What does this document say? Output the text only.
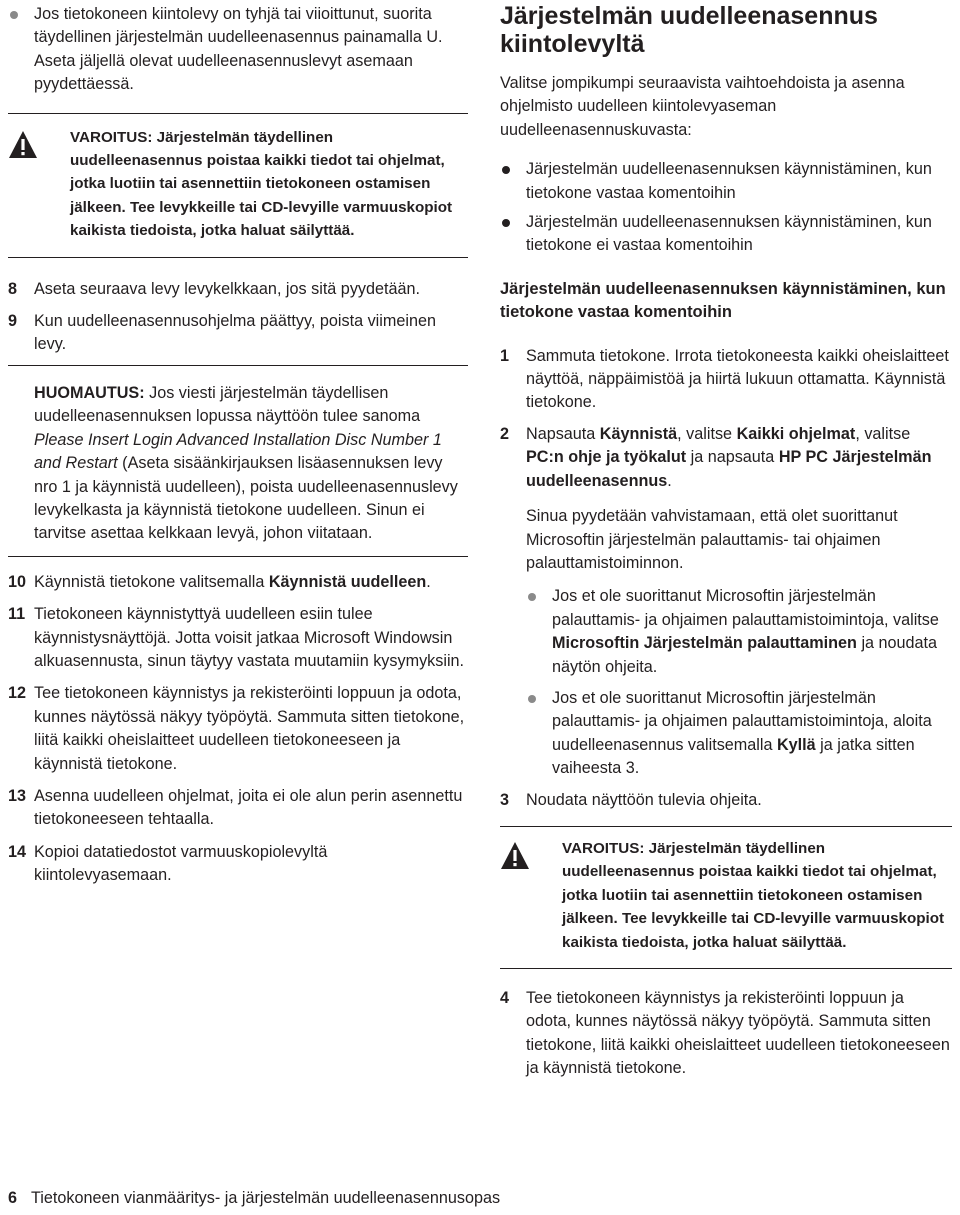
Jos tietokoneen kiintolevy on tyhjä tai viioittunut, suorita täydellinen järjestelmän uudelleenasennus painamalla U. Aseta jäljellä olevat uudelleenasennuslevyt asemaan pyydettäessä.

VAROITUS: Järjestelmän täydellinen uudelleenasennus poistaa kaikki tiedot tai ohjelmat, jotka luotiin tai asennettiin tietokoneen ostamisen jälkeen. Tee levykkeille tai CD-levyille varmuuskopiot kaikista tiedoista, jotka haluat säilyttää.

8 Aseta seuraava levy levykelkkaan, jos sitä pyydetään.
9 Kun uudelleenasennusohjelma päättyy, poista viimeinen levy.

HUOMAUTUS: Jos viesti järjestelmän täydellisen uudelleenasennuksen lopussa näyttöön tulee sanoma Please Insert Login Advanced Installation Disc Number 1 and Restart (Aseta sisäänkirjauksen lisäasennuksen levy nro 1 ja käynnistä uudelleen), poista uudelleenasennuslevy levykelkasta ja käynnistä tietokone uudelleen. Sinun ei tarvitse asettaa kelkkaan levyä, johon viitataan.

10 Käynnistä tietokone valitsemalla Käynnistä uudelleen.
11 Tietokoneen käynnistyttyä uudelleen esiin tulee käynnistysnäyttöjä. Jotta voisit jatkaa Microsoft Windowsin alkuasennusta, sinun täytyy vastata muutamiin kysymyksiin.
12 Tee tietokoneen käynnistys ja rekisteröinti loppuun ja odota, kunnes näytössä näkyy työpöytä. Sammuta sitten tietokone, liitä kaikki oheislaitteet uudelleen tietokoneeseen ja käynnistä tietokone.
13 Asenna uudelleen ohjelmat, joita ei ole alun perin asennettu tietokoneeseen tehtaalla.
14 Kopioi datatiedostot varmuuskopiolevyltä kiintolevyasemaan.
Järjestelmän uudelleenasennus kiintolevyltä

Valitse jompikumpi seuraavista vaihtoehdoista ja asenna ohjelmisto uudelleen kiintolevyaseman uudelleenasennuskuvasta:

Järjestelmän uudelleenasennuksen käynnistäminen, kun tietokone vastaa komentoihin

Järjestelmän uudelleenasennuksen käynnistäminen, kun tietokone ei vastaa komentoihin

Järjestelmän uudelleenasennuksen käynnistäminen, kun tietokone vastaa komentoihin
1 Sammuta tietokone. Irrota tietokoneesta kaikki oheislaitteet näyttöä, näppäimistöä ja hiirtä lukuun ottamatta. Käynnistä tietokone.
2 Napsauta Käynnistä, valitse Kaikki ohjelmat, valitse PC:n ohje ja työkalut ja napsauta HP PC Järjestelmän uudelleenasennus.

Sinua pyydetään vahvistamaan, että olet suorittanut Microsoftin järjestelmän palauttamis- tai ohjaimen palauttamistoiminnon.

Jos et ole suorittanut Microsoftin järjestelmän palauttamis- ja ohjaimen palauttamistoimintoja, valitse Microsoftin Järjestelmän palauttaminen ja noudata näytön ohjeita.

Jos et ole suorittanut Microsoftin järjestelmän palauttamis- ja ohjaimen palauttamistoimintoja, aloita uudelleenasennus valitsemalla Kyllä ja jatka sitten vaiheesta 3.

3 Noudata näyttöön tulevia ohjeita.

VAROITUS: Järjestelmän täydellinen uudelleenasennus poistaa kaikki tiedot tai ohjelmat, jotka luotiin tai asennettiin tietokoneen ostamisen jälkeen. Tee levykkeille tai CD-levyille varmuuskopiot kaikista tiedoista, jotka haluat säilyttää.

4 Tee tietokoneen käynnistys ja rekisteröinti loppuun ja odota, kunnes näytössä näkyy työpöytä. Sammuta sitten tietokone, liitä kaikki oheislaitteet uudelleen tietokoneeseen ja käynnistä tietokone.
6 Tietokoneen vianmääritys- ja järjestelmän uudelleenasennusopas
